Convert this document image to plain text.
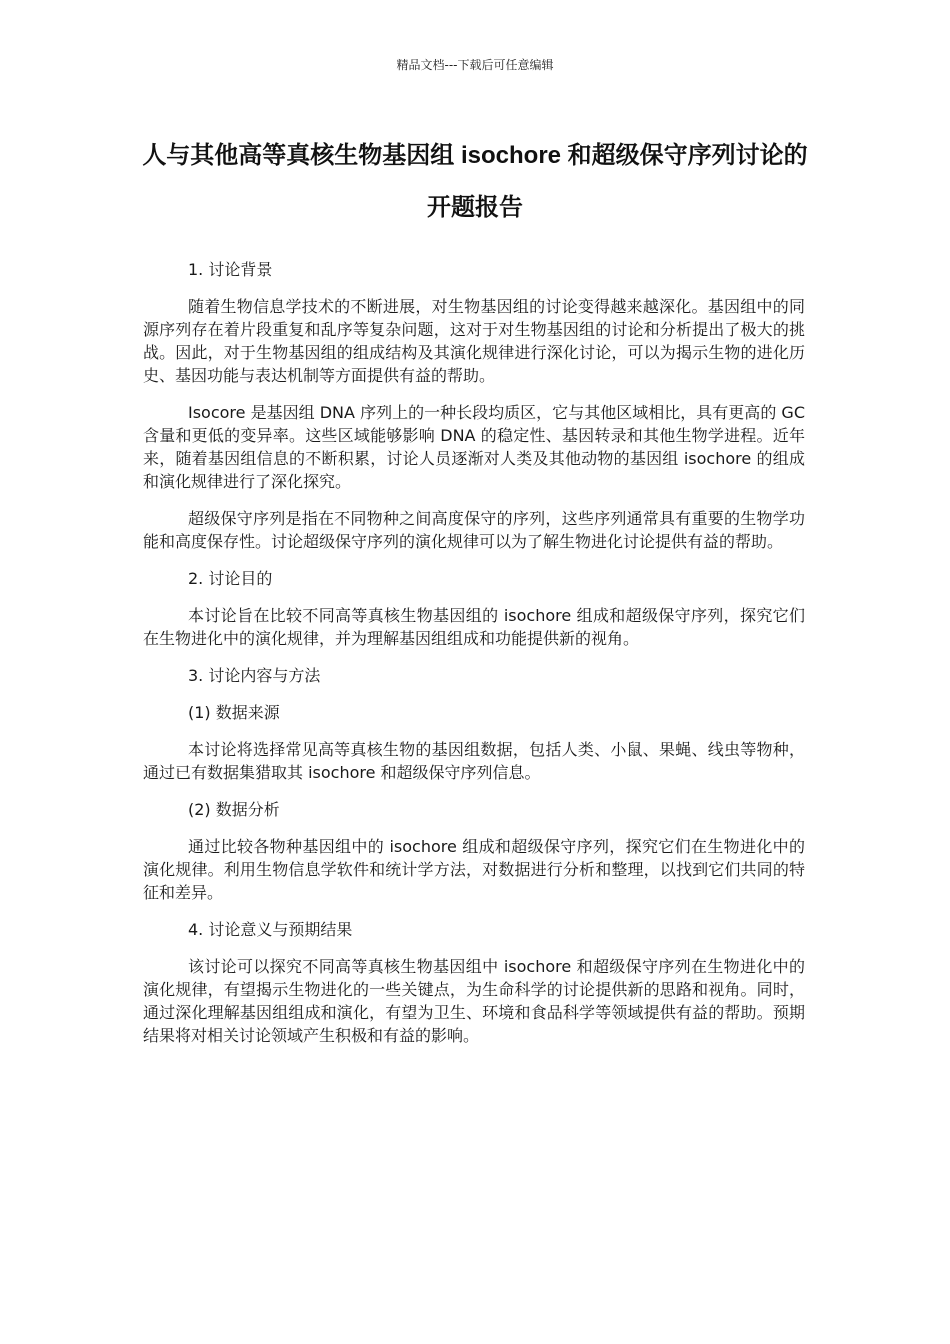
精品文档---下载后可任意编辑
人与其他高等真核生物基因组 isochore 和超级保守序列讨论的开题报告

1. 讨论背景

随着生物信息学技术的不断进展，对生物基因组的讨论变得越来越深化。基因组中的同源序列存在着片段重复和乱序等复杂问题，这对于对生物基因组的讨论和分析提出了极大的挑战。因此，对于生物基因组的组成结构及其演化规律进行深化讨论，可以为揭示生物的进化历史、基因功能与表达机制等方面提供有益的帮助。

Isocore 是基因组 DNA 序列上的一种长段均质区，它与其他区域相比，具有更高的 GC 含量和更低的变异率。这些区域能够影响 DNA 的稳定性、基因转录和其他生物学进程。近年来，随着基因组信息的不断积累，讨论人员逐渐对人类及其他动物的基因组 isochore 的组成和演化规律进行了深化探究。

超级保守序列是指在不同物种之间高度保守的序列，这些序列通常具有重要的生物学功能和高度保存性。讨论超级保守序列的演化规律可以为了解生物进化讨论提供有益的帮助。

2. 讨论目的

本讨论旨在比较不同高等真核生物基因组的 isochore 组成和超级保守序列，探究它们在生物进化中的演化规律，并为理解基因组组成和功能提供新的视角。

3. 讨论内容与方法

(1) 数据来源

本讨论将选择常见高等真核生物的基因组数据，包括人类、小鼠、果蝇、线虫等物种，通过已有数据集猎取其 isochore 和超级保守序列信息。

(2) 数据分析

通过比较各物种基因组中的 isochore 组成和超级保守序列，探究它们在生物进化中的演化规律。利用生物信息学软件和统计学方法，对数据进行分析和整理，以找到它们共同的特征和差异。

4. 讨论意义与预期结果

该讨论可以探究不同高等真核生物基因组中 isochore 和超级保守序列在生物进化中的演化规律，有望揭示生物进化的一些关键点，为生命科学的讨论提供新的思路和视角。同时，通过深化理解基因组组成和演化，有望为卫生、环境和食品科学等领域提供有益的帮助。预期结果将对相关讨论领域产生积极和有益的影响。
